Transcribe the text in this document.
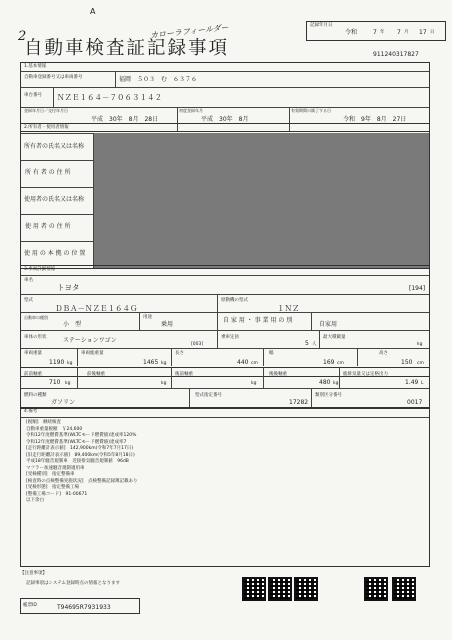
2
A
カローラフィールダー
自動車検査証記録事項
記録年月日
令和	7 年 7 月 17 日
911240317827
1.基本情報
自動車登録番号又は車両番号	福岡　５０３　む　６３７６
車台番号 ＮＺＥ１６４－７０６３１４２
登録年月日／交付年月日
平成　30年　8月　28日
初度登録年月
平成　30年　8月
有効期間の満了する日
令和　9年　8月　27日
2.所有者・使用者情報
所有者の氏名又は名称
所 有 者 の 住 所
使用者の氏名又は名称
使 用 者 の 住 所
使 用 の 本 拠 の 位 置
3.車両詳細情報
車名
トヨタ	[194]
型式
ＤＢＡ－ＮＺＥ１６４Ｇ
原動機の型式
１ＮＺ
自動車の種別
小　型
用途
乗用
自 家 用 ・ 事 業 用 の 別
自家用
車体の形状	ステーションワゴン
[003]
乗車定員
5 人
最大積載量
kg
車両重量
1190 kg
車両総重量
1465 kg
長さ
440 cm
幅
169 cm
高さ
150 cm
前前軸重
710 kg
前後軸重
kg
後前軸重
kg
後後軸重
480 kg
総排気量又は定格出力
1.49 L
燃料の種類
ガソリン
型式指定番号
17282
類別区分番号
0017
4.備考
[税額]　継続検査
自動車重量税額　￥24,600
令和12年度燃費基準(WLTCモード燃費値)達成率120%
令和12年度燃費基準(WLTCモード燃費値)達成率7
[走行距離計表示値]　142,900km(令和7年7月17日)
[旧走行距離計表示値]　89,400km(令和5年8月18日)
平成18年騒音規制車　近接排気騒音規制値　96dB
マフラー加速騒音規制適用車
[受検種別]　指定整備車
[検査時の点検整備実施状況]　点検整備記録簿記載あり
[受検形態]　指定整備工場
[整備工場コード]　91-00671
以下余白
【注意事項】
記録事項はシステム登録時点の情報となります
帳票ID	T94695R7931933
